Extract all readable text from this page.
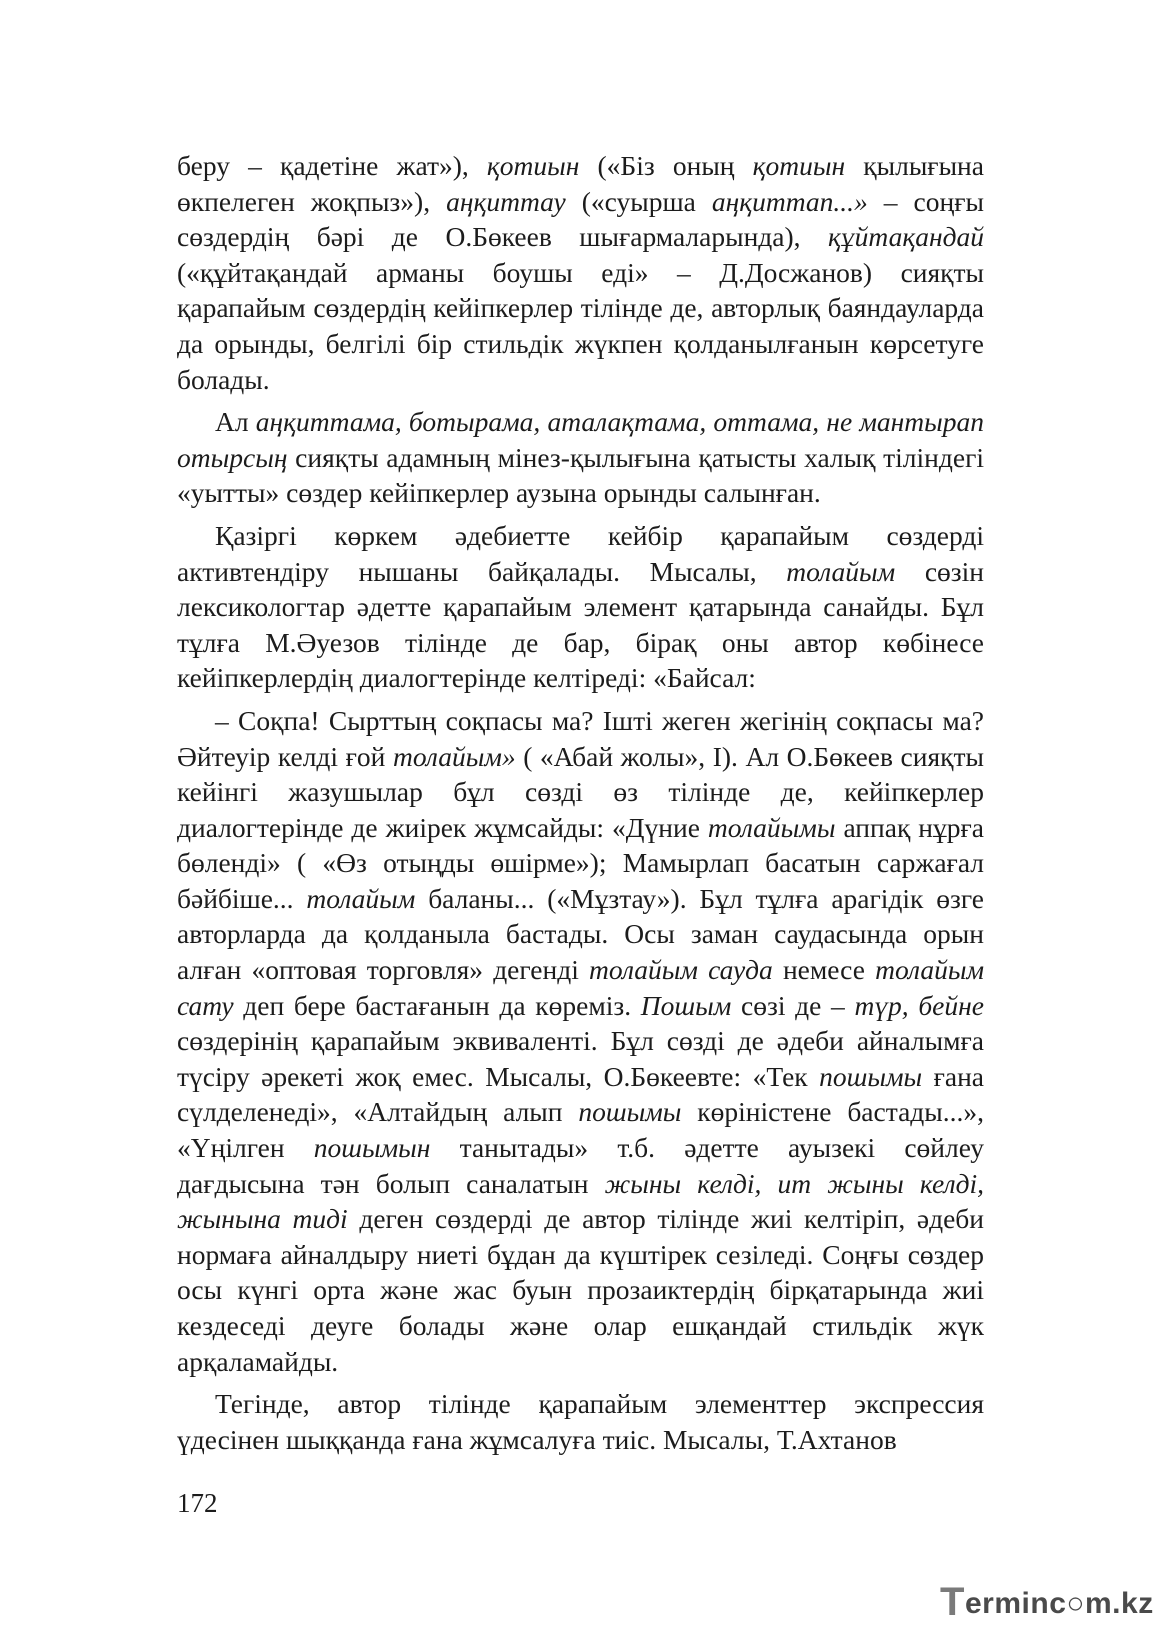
беру – қадетіне жат»), қотиын («Біз оның қотиын қылығына өкпелеген жоқпыз»), аңқиттау («суырша аңқиттап...» – соңғы сөздердің бәрі де О.Бөкеев шығармаларында), құйтақандай («құйтақандай арманы боушы еді» – Д.Досжанов) сияқты қарапайым сөздердің кейіпкерлер тілінде де, авторлық баяндауларда да орынды, белгілі бір стильдік жүкпен қолданылғанын көрсетуге болады.

Ал аңқиттама, ботырама, аталақтама, оттама, не мантырап отырсың сияқты адамның мінез-қылығына қатысты халық тіліндегі «уытты» сөздер кейіпкерлер аузына орынды салынған.

Қазіргі көркем әдебиетте кейбір қарапайым сөздерді активтендіру нышаны байқалады. Мысалы, толайым сөзін лексикологтар әдетте қарапайым элемент қатарында санайды. Бұл тұлға М.Әуезов тілінде де бар, бірақ оны автор көбінесе кейіпкерлердің диалогтерінде келтіреді: «Байсал:

– Соқпа! Сырттың соқпасы ма? Ішті жеген жегінің соқпасы ма? Әйтеуір келді ғой толайым» ( «Абай жолы», І). Ал О.Бөкеев сияқты кейінгі жазушылар бұл сөзді өз тілінде де, кейіпкерлер диалогтерінде де жиірек жұмсайды: «Дүние толайымы аппақ нұрға бөленді» ( «Өз отыңды өшірме»); Мамырлап басатын саржағал бәйбіше... толайым баланы... («Мұзтау»). Бұл тұлға арагідік өзге авторларда да қолданыла бастады. Осы заман саудасында орын алған «оптовая торговля» дегенді толайым сауда немесе толайым сату деп бере бастағанын да көреміз. Пошым сөзі де – түр, бейне сөздерінің қарапайым эквиваленті. Бұл сөзді де әдеби айналымға түсіру әрекеті жоқ емес. Мысалы, О.Бөкеевте: «Тек пошымы ғана сүлделенеді», «Алтайдың алып пошымы көріністене бастады...», «Үңілген пошымын танытады» т.б. әдетте ауызекі сөйлеу дағдысына тән болып саналатын жыны келді, ит жыны келді, жынына тиді деген сөздерді де автор тілінде жиі келтіріп, әдеби нормаға айналдыру ниеті бұдан да күштірек сезіледі. Соңғы сөздер осы күнгі орта және жас буын прозаиктердің бірқатарында жиі кездеседі деуге болады және олар ешқандай стильдік жүк арқаламайды.

Тегінде, автор тілінде қарапайым элементтер экспрессия үдесінен шыққанда ғана жұмсалуға тиіс. Мысалы, Т.Ахтанов

172
T erminc○m.kz
